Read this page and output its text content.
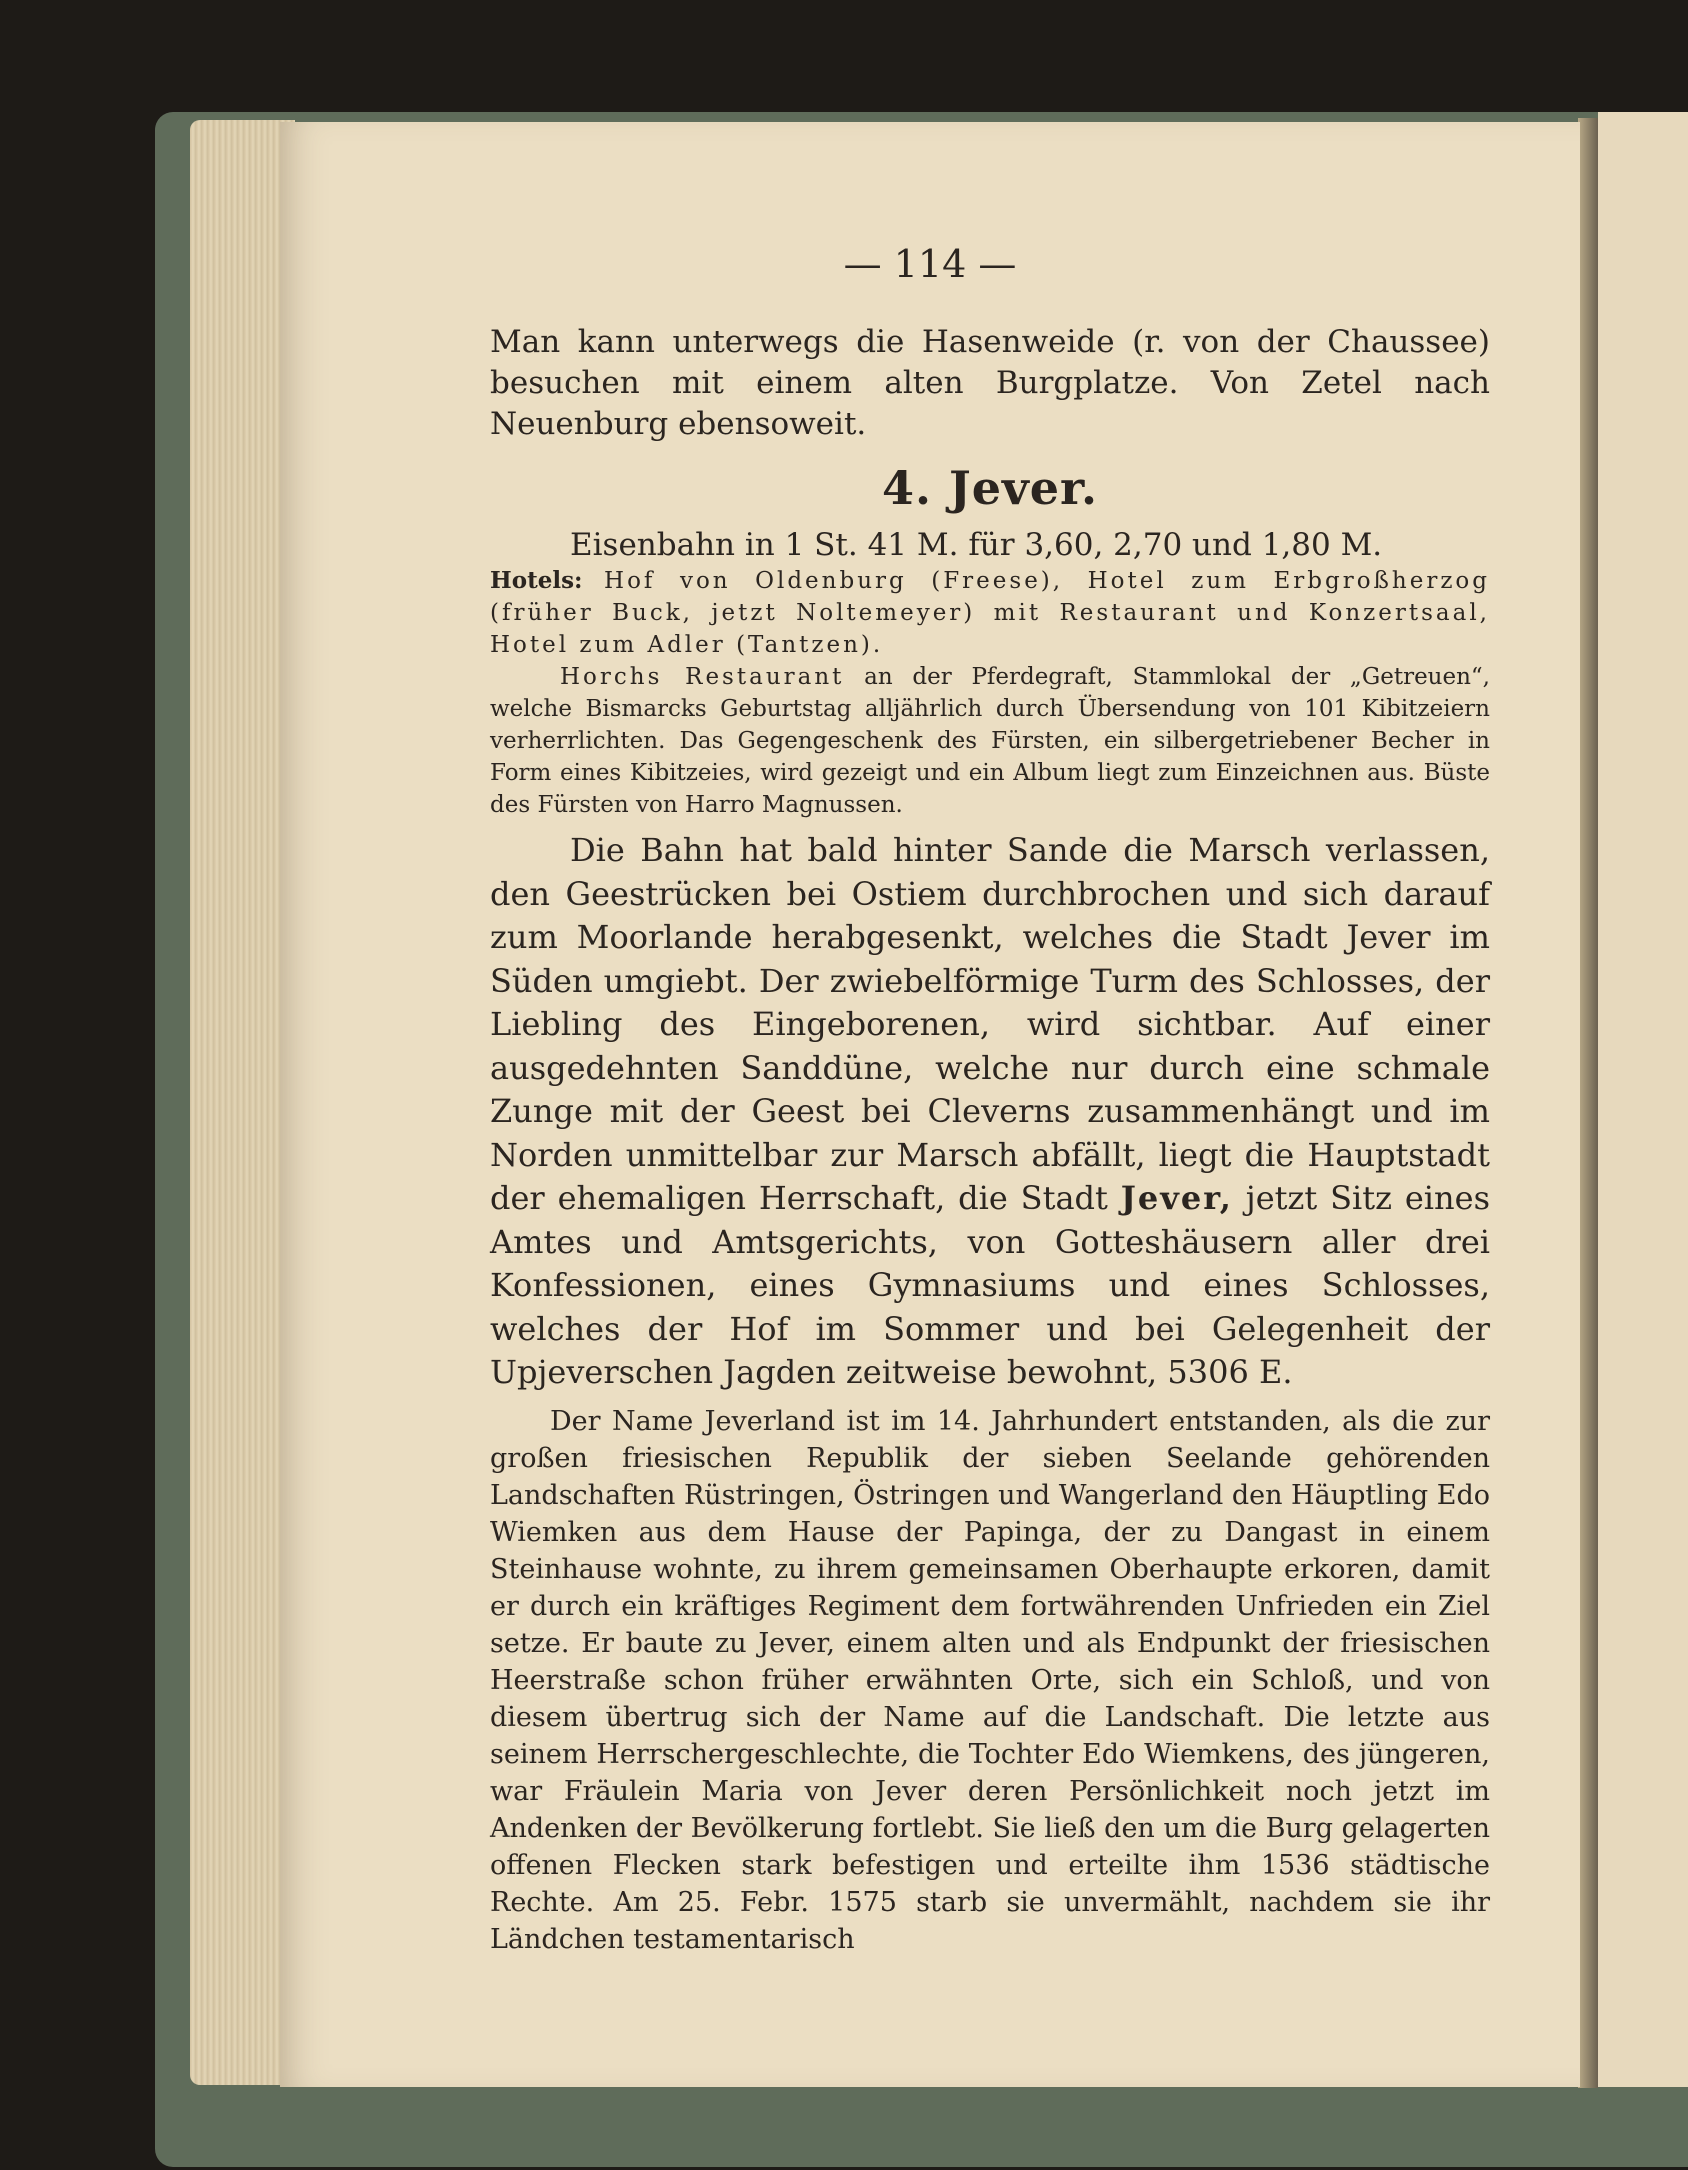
— 114 —

Man kann unterwegs die Hasenweide (r. von der Chaussee) besuchen mit einem alten Burgplatze. Von Zetel nach Neuenburg ebensoweit.

4. Jever.

Eisenbahn in 1 St. 41 M. für 3,60, 2,70 und 1,80 M.

Hotels: Hof von Oldenburg (Freese), Hotel zum Erbgroßherzog (früher Buck, jetzt Noltemeyer) mit Restaurant und Konzertsaal, Hotel zum Adler (Tantzen).

Horchs Restaurant an der Pferdegraft, Stammlokal der „Getreuen“, welche Bismarcks Geburtstag alljährlich durch Übersendung von 101 Kibitzeiern verherrlichten. Das Gegengeschenk des Fürsten, ein silbergetriebener Becher in Form eines Kibitzeies, wird gezeigt und ein Album liegt zum Einzeichnen aus. Büste des Fürsten von Harro Magnussen.

Die Bahn hat bald hinter Sande die Marsch verlassen, den Geestrücken bei Ostiem durchbrochen und sich darauf zum Moorlande herabgesenkt, welches die Stadt Jever im Süden umgiebt. Der zwiebelförmige Turm des Schlosses, der Liebling des Eingeborenen, wird sichtbar. Auf einer ausgedehnten Sanddüne, welche nur durch eine schmale Zunge mit der Geest bei Cleverns zusammenhängt und im Norden unmittelbar zur Marsch abfällt, liegt die Hauptstadt der ehemaligen Herrschaft, die Stadt Jever, jetzt Sitz eines Amtes und Amtsgerichts, von Gotteshäusern aller drei Konfessionen, eines Gymnasiums und eines Schlosses, welches der Hof im Sommer und bei Gelegenheit der Upjeverschen Jagden zeitweise bewohnt, 5306 E.

Der Name Jeverland ist im 14. Jahrhundert entstanden, als die zur großen friesischen Republik der sieben Seelande gehörenden Landschaften Rüstringen, Östringen und Wangerland den Häuptling Edo Wiemken aus dem Hause der Papinga, der zu Dangast in einem Steinhause wohnte, zu ihrem gemeinsamen Oberhaupte erkoren, damit er durch ein kräftiges Regiment dem fortwährenden Unfrieden ein Ziel setze. Er baute zu Jever, einem alten und als Endpunkt der friesischen Heerstraße schon früher erwähnten Orte, sich ein Schloß, und von diesem übertrug sich der Name auf die Landschaft. Die letzte aus seinem Herrschergeschlechte, die Tochter Edo Wiemkens, des jüngeren, war Fräulein Maria von Jever deren Persönlichkeit noch jetzt im Andenken der Bevölkerung fortlebt. Sie ließ den um die Burg gelagerten offenen Flecken stark befestigen und erteilte ihm 1536 städtische Rechte. Am 25. Febr. 1575 starb sie unvermählt, nachdem sie ihr Ländchen testamentarisch
